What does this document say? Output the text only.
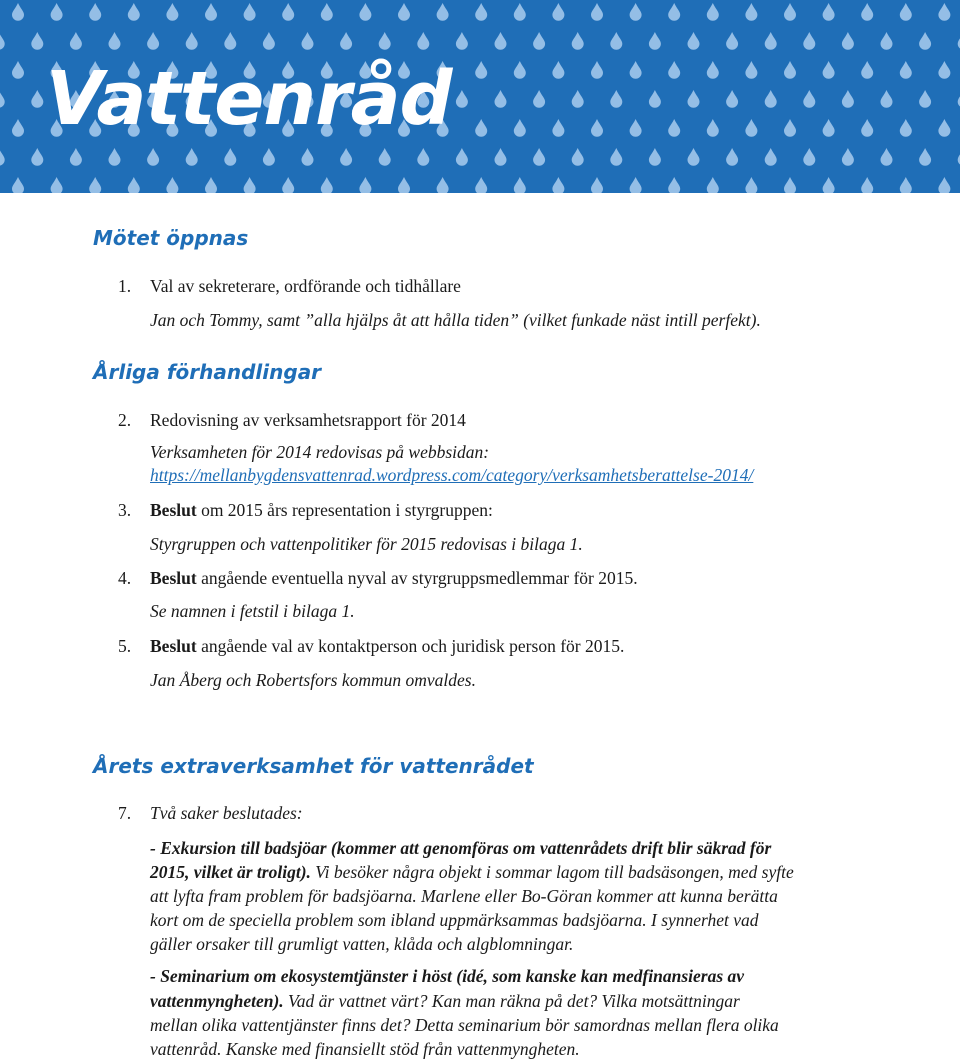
Vattenråd
Mötet öppnas
1. Val av sekreterare, ordförande och tidhållare
Jan och Tommy, samt ”alla hjälps åt att hålla tiden” (vilket funkade näst intill perfekt).
Årliga förhandlingar
2. Redovisning av verksamhetsrapport för 2014
Verksamheten för 2014 redovisas på webbsidan:
https://mellanbygdensvattenrad.wordpress.com/category/verksamhetsberattelse-2014/
3. Beslut om 2015 års representation i styrgruppen:
Styrgruppen och vattenpolitiker för 2015 redovisas i bilaga 1.
4. Beslut angående eventuella nyval av styrgruppsmedlemmar för 2015.
Se namnen i fetstil i bilaga 1.
5. Beslut angående val av kontaktperson och juridisk person för 2015.
Jan Åberg och Robertsfors kommun omvaldes.
Årets extraverksamhet för vattenrådet
7. Två saker beslutades:
- Exkursion till badsjöar (kommer att genomföras om vattenrådets drift blir säkrad för
2015, vilket är troligt). Vi besöker några objekt i sommar lagom till badsäsongen, med syfte
att lyfta fram problem för badsjöarna. Marlene eller Bo-Göran kommer att kunna berätta
kort om de speciella problem som ibland uppmärksammas badsjöarna. I synnerhet vad
gäller orsaker till grumligt vatten, klåda och algblomningar.
- Seminarium om ekosystemtjänster i höst (idé, som kanske kan medfinansieras av
vattenmyngheten). Vad är vattnet värt? Kan man räkna på det? Vilka motsättningar
mellan olika vattentjänster finns det? Detta seminarium bör samordnas mellan flera olika
vattenråd. Kanske med finansiellt stöd från vattenmyngheten.
